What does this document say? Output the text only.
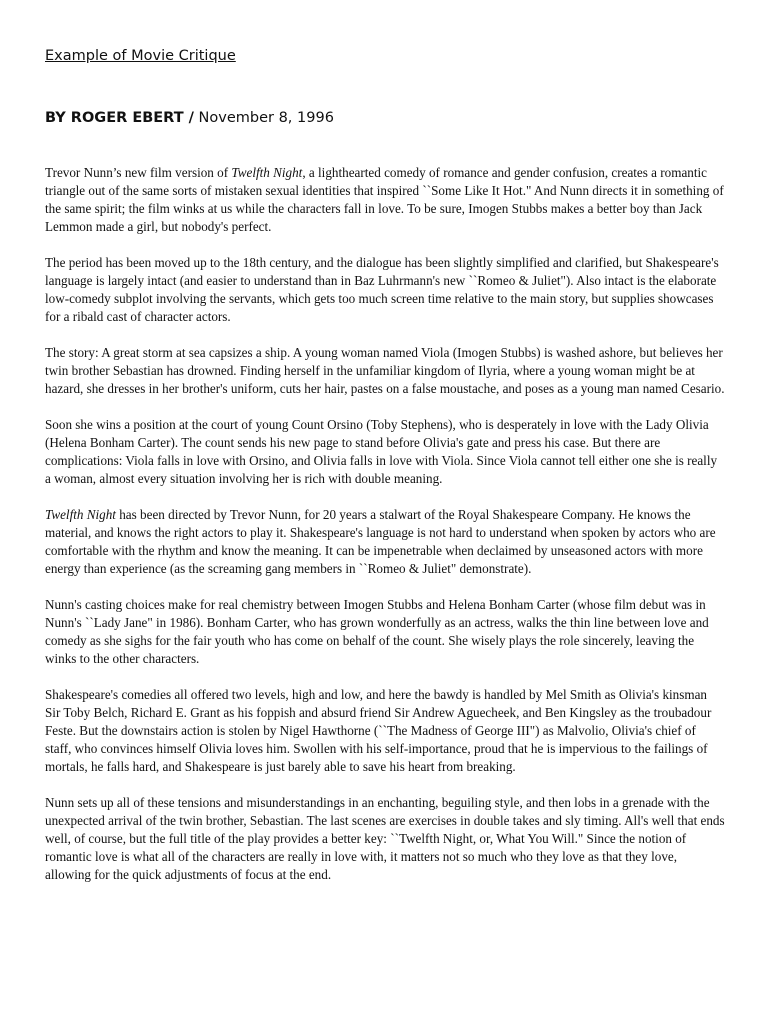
Example of Movie Critique
BY ROGER EBERT / November 8, 1996

Trevor Nunn’s new film version of Twelfth Night, a lighthearted comedy of romance and gender confusion, creates a romantic triangle out of the same sorts of mistaken sexual identities that inspired ``Some Like It Hot." And Nunn directs it in something of the same spirit; the film winks at us while the characters fall in love. To be sure, Imogen Stubbs makes a better boy than Jack Lemmon made a girl, but nobody's perfect.

The period has been moved up to the 18th century, and the dialogue has been slightly simplified and clarified, but Shakespeare's language is largely intact (and easier to understand than in Baz Luhrmann's new ``Romeo & Juliet"). Also intact is the elaborate low-comedy subplot involving the servants, which gets too much screen time relative to the main story, but supplies showcases for a ribald cast of character actors.

The story: A great storm at sea capsizes a ship. A young woman named Viola (Imogen Stubbs) is washed ashore, but believes her twin brother Sebastian has drowned. Finding herself in the unfamiliar kingdom of Ilyria, where a young woman might be at hazard, she dresses in her brother's uniform, cuts her hair, pastes on a false moustache, and poses as a young man named Cesario.

Soon she wins a position at the court of young Count Orsino (Toby Stephens), who is desperately in love with the Lady Olivia (Helena Bonham Carter). The count sends his new page to stand before Olivia's gate and press his case. But there are complications: Viola falls in love with Orsino, and Olivia falls in love with Viola. Since Viola cannot tell either one she is really a woman, almost every situation involving her is rich with double meaning.

Twelfth Night has been directed by Trevor Nunn, for 20 years a stalwart of the Royal Shakespeare Company. He knows the material, and knows the right actors to play it. Shakespeare's language is not hard to understand when spoken by actors who are comfortable with the rhythm and know the meaning. It can be impenetrable when declaimed by unseasoned actors with more energy than experience (as the screaming gang members in ``Romeo & Juliet" demonstrate).

Nunn's casting choices make for real chemistry between Imogen Stubbs and Helena Bonham Carter (whose film debut was in Nunn's ``Lady Jane" in 1986). Bonham Carter, who has grown wonderfully as an actress, walks the thin line between love and comedy as she sighs for the fair youth who has come on behalf of the count. She wisely plays the role sincerely, leaving the winks to the other characters.

Shakespeare's comedies all offered two levels, high and low, and here the bawdy is handled by Mel Smith as Olivia's kinsman Sir Toby Belch, Richard E. Grant as his foppish and absurd friend Sir Andrew Aguecheek, and Ben Kingsley as the troubadour Feste. But the downstairs action is stolen by Nigel Hawthorne (``The Madness of George III") as Malvolio, Olivia's chief of staff, who convinces himself Olivia loves him. Swollen with his self-importance, proud that he is impervious to the failings of mortals, he falls hard, and Shakespeare is just barely able to save his heart from breaking.

Nunn sets up all of these tensions and misunderstandings in an enchanting, beguiling style, and then lobs in a grenade with the unexpected arrival of the twin brother, Sebastian. The last scenes are exercises in double takes and sly timing. All's well that ends well, of course, but the full title of the play provides a better key: ``Twelfth Night, or, What You Will." Since the notion of romantic love is what all of the characters are really in love with, it matters not so much who they love as that they love, allowing for the quick adjustments of focus at the end.
